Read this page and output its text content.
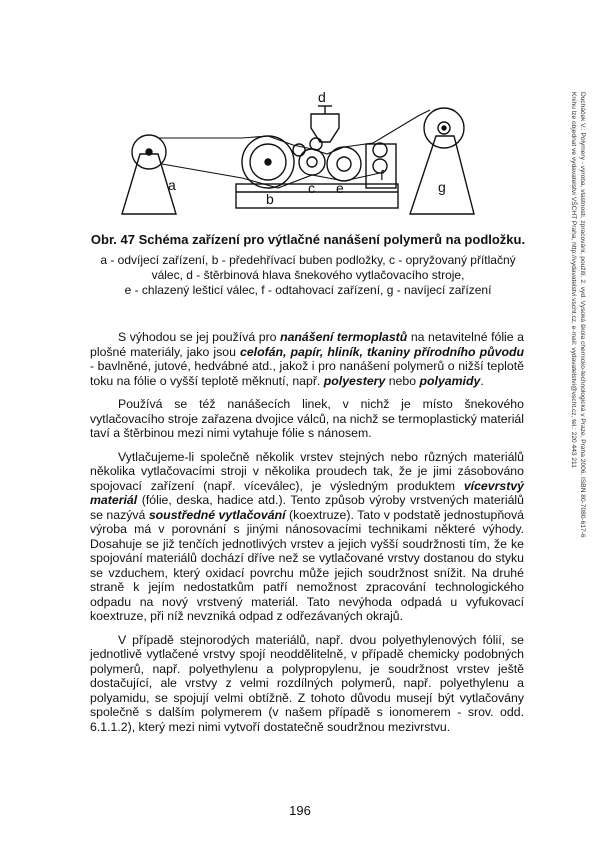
a
b
c
d
e
f
g

Obr. 47 Schéma zařízení pro výtlačné nanášení polymerů na podložku.

a - odvíjecí zařízení, b - předehřívací buben podložky, c - opryžovaný přítlačný
válec, d - štěrbinová hlava šnekového vytlačovacího stroje,
e - chlazený lešticí válec, f - odtahovací zařízení, g - navíjecí zařízení

S výhodou se jej používá pro nanášení termoplastů na netavitelné fólie a plošné materiály, jako jsou celofán, papír, hliník, tkaniny přírodního původu - bavlněné, jutové, hedvábné atd., jakož i pro nanášení polymerů o nižší teplotě toku na fólie o vyšší teplotě měknutí, např. polyestery nebo polyamidy.

Používá se též nanášecích linek, v nichž je místo šnekového vytlačovacího stroje zařazena dvojice válců, na nichž se termoplastický materiál taví a štěrbinou mezi nimi vytahuje fólie s nánosem.

Vytlačujeme-li společně několik vrstev stejných nebo různých materiálů několika vytlačovacími stroji v několika proudech tak, že je jimi zásobováno spojovací zařízení (např. víceválec), je výsledným produktem vícevrstvý materiál (fólie, deska, hadice atd.). Tento způsob výroby vrstvených materiálů se nazývá soustředné vytlačování (koextruze). Tato v podstatě jednostupňová výroba má v porovnání s jinými nánosovacími technikami některé výhody. Dosahuje se již tenčích jednotlivých vrstev a jejich vyšší soudržnosti tím, že ke spojování materiálů dochází dříve než se vytlačované vrstvy dostanou do styku se vzduchem, který oxidací povrchu může jejich soudržnost snížit. Na druhé straně k jejím nedostatkům patří nemožnost zpracování technologického odpadu na nový vrstvený materiál. Tato nevýhoda odpadá u vyfukovací koextruze, při níž nevzniká odpad z odřezávaných okrajů.

V případě stejnorodých materiálů, např. dvou polyethylenových fólií, se jednotlivě vytlačené vrstvy spojí neoddělitelně, v případě chemicky podobných polymerů, např. polyethylenu a polypropylenu, je soudržnost vrstev ještě dostačující, ale vrstvy z velmi rozdílných polymerů, např. polyethylenu a polyamidu, se spojují velmi obtížně. Z tohoto důvodu musejí být vytlačovány společně s dalším polymerem (v našem případě s ionomerem - srov. odd. 6.1.1.2), který mezi nimi vytvoří dostatečně soudržnou mezivrstvu.

196
Ducháček V.: Polymery - výroba, vlastnosti, zpracování, použití. 2. vyd. Vysoká škola chemicko-technologická v Praze, Praha 2006. ISBN 80-7080-617-6
Knihu lze objednat ve vydavatelství VŠCHT Praha, http://vydavatelstvi.vscht.cz, e-mail: vydavatelstvi@vscht.cz, tel.: 220 443 211
